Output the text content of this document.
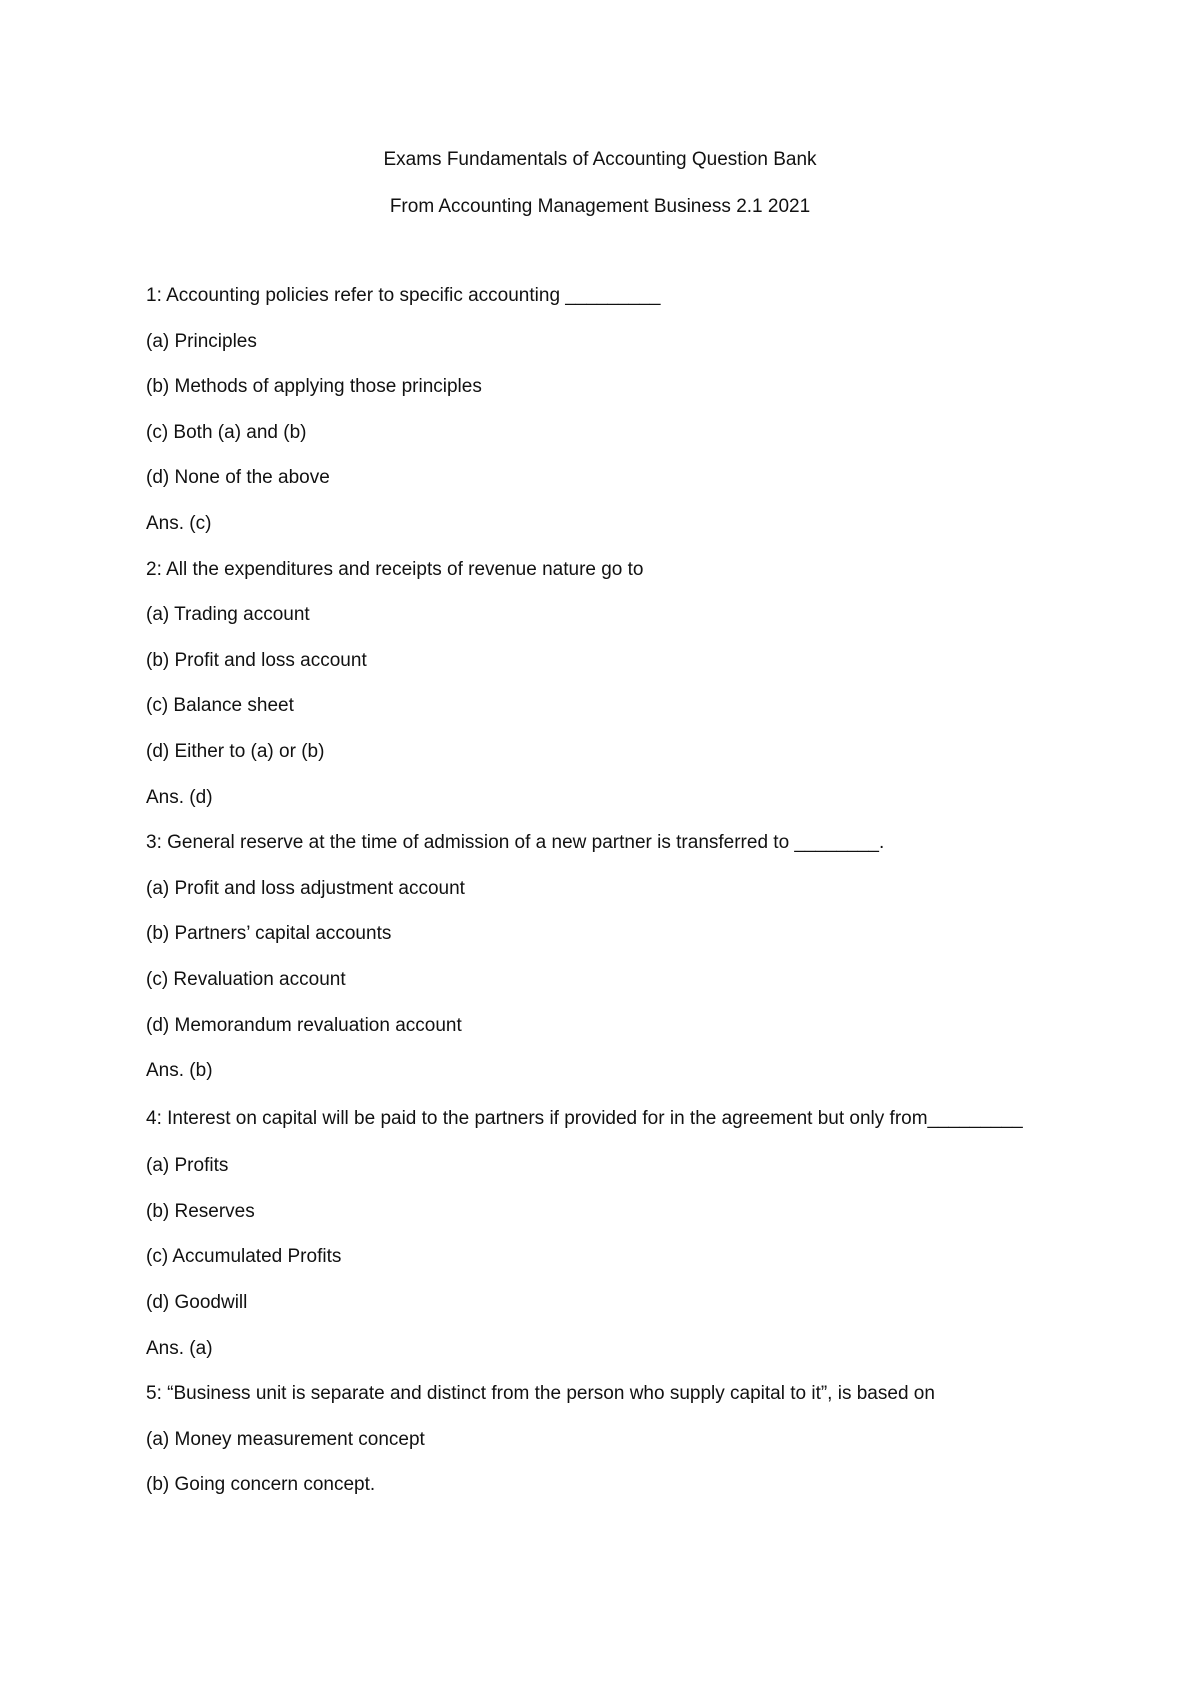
Exams Fundamentals of Accounting Question Bank
From Accounting Management Business 2.1 2021
1: Accounting policies refer to specific accounting _________
(a) Principles
(b) Methods of applying those principles
(c) Both (a) and (b)
(d) None of the above
Ans. (c)
2: All the expenditures and receipts of revenue nature go to
(a) Trading account
(b) Profit and loss account
(c) Balance sheet
(d) Either to (a) or (b)
Ans. (d)
3: General reserve at the time of admission of a new partner is transferred to ________.
(a) Profit and loss adjustment account
(b) Partners’ capital accounts
(c) Revaluation account
(d) Memorandum revaluation account
Ans. (b)
4: Interest on capital will be paid to the partners if provided for in the agreement but only from_________
(a) Profits
(b) Reserves
(c) Accumulated Profits
(d) Goodwill
Ans. (a)
5: “Business unit is separate and distinct from the person who supply capital to it”, is based on
(a) Money measurement concept
(b) Going concern concept.
